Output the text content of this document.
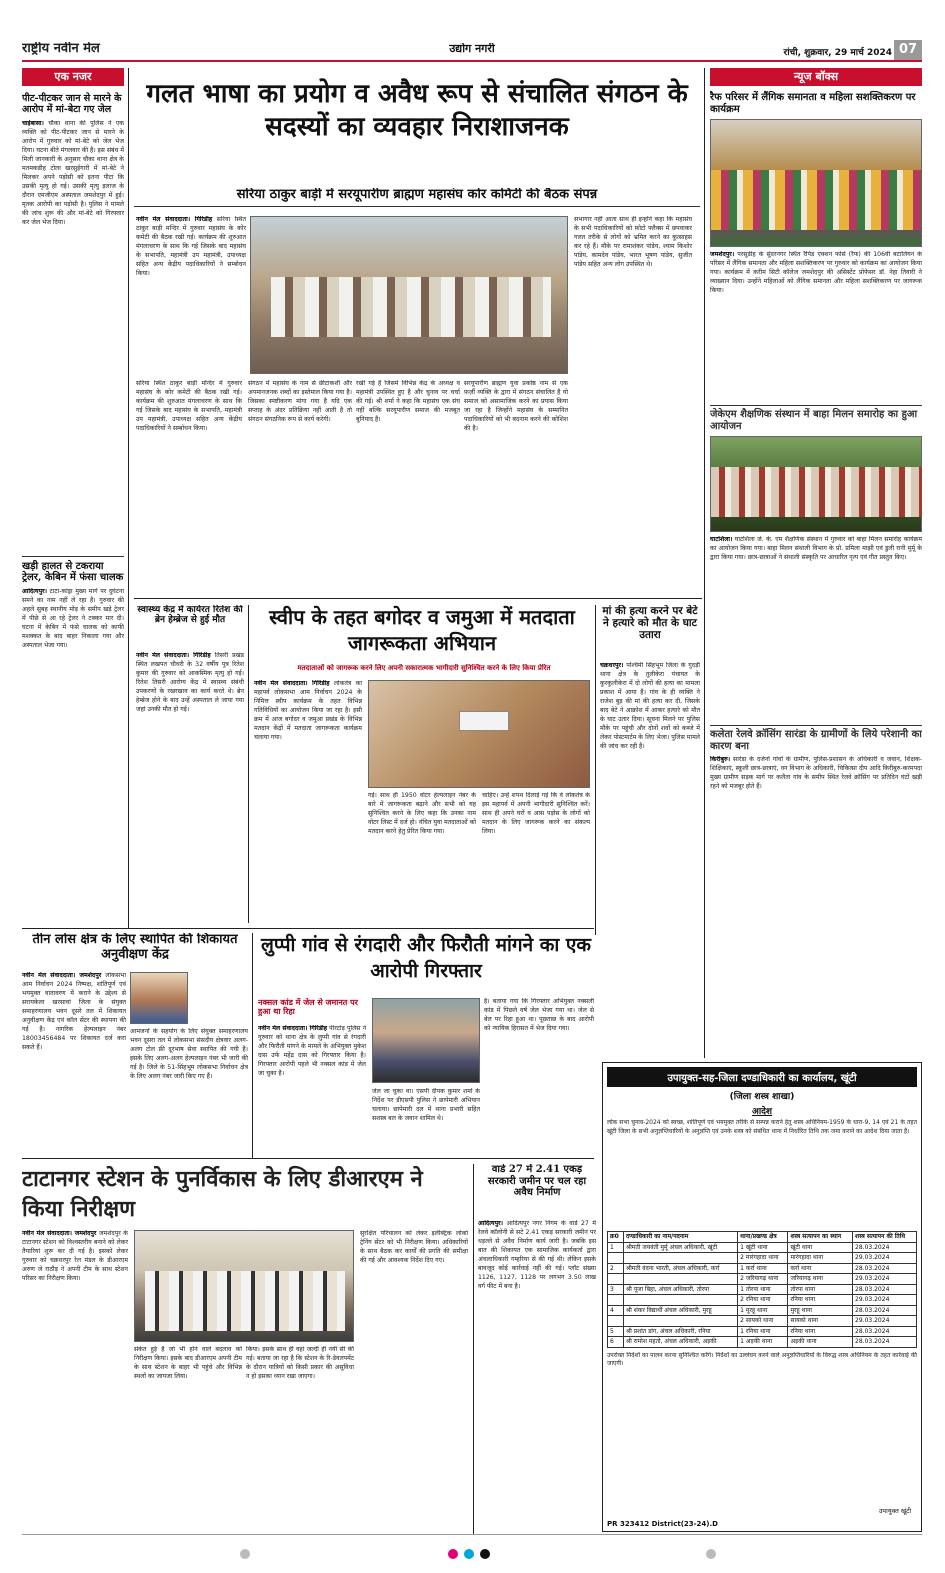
राष्ट्रीय नवीन मेल	उद्योग नगरी	रांची, शुक्रवार, 29 मार्च 2024 07
एक नजर
पीट-पीटकर जान से मारने के आरोप में मां-बेटा गए जेल
चाईबासा। चौका थाना की पुलिस ने एक व्यक्ति को पीट-पीटकर जान से मारने के आरोप में गुरुवार को मां-बेटे को जेल भेज दिया। घटना बीते मंगलवार की है। इस संबंध में मिली जानकारी के अनुसार चौका थाना क्षेत्र के मतमकडीह टोला खरसुईगारी में मां-बेटे ने मिलकर अपने पड़ोसी को इतना पीटा कि उसकी मृत्यु हो गई। उसकी मृत्यु इलाज के दौरान एमजीएम अस्पताल जमशेदपुर में हुई। मृतक आरोपी का पड़ोसी है। पुलिस ने मामले की जांच शुरू की और मां-बेटे को गिरफ्तार कर जेल भेज दिया।
खड़ी हालत से टकराया ट्रेलर, केबिन में फंसा चालक
आदित्यपुर। टाटा-कांड्रा मुख्य मार्ग पर दुर्घटना समने का नाम नहीं ले रहा है। गुरुवार की अहले सुबह स्थानीय मोड़ के समीप खड़े ट्रेलर में पीछे से आ रहे ट्रेलर ने टक्कर मार दी। घटना में केबिन में फंसे चालक को काफी मशक्कत के बाद बाहर निकाला गया और अस्पताल भेजा गया।
गलत भाषा का प्रयोग व अवैध रूप से संचालित संगठन के सदस्यों का व्यवहार निराशाजनक
सरिया ठाकुर बाड़ी में सरयूपारीण ब्राह्मण महासंघ कोर कमिटी की बैठक संपन्न
नवीन मेल संवाददाता। गिरिडीह सरिया स्थित ठाकुर बाड़ी मन्दिर में गुरुवार महासंघ के कोर कमेटी की बैठक रखी गई। कार्यक्रम की शुरुआत मंगलाचरण के साथ कि गई जिसके बाद महासंघ के सभापति, महामंत्री उप महामंत्री, उपाध्यक्ष सहित अन्य केंद्रीय पदाधिकारियों ने सम्बोधन किया।
सभागार नहीं आता साथ ही इन्होंने कहा कि महासंघ के सभी पदाधिकारियों को फ़ोटो फ्लैक्स में छपवाकर गलत तरीके से लोगों को भ्रमित करने का कुत्साहस कर रहे हैं। मौके पर रामाशंकर पांडेय, श्याम किशोर पांडेय, कामदेव पांडेय, भारत भूषण पांडेय, सुजीत पांडेय सहित अन्य लोग उपस्थित थे।
सरिया स्थित ठाकुर बाड़ी मन्दिर में गुरुवार महासंघ के कोर कमेटी की बैठक रखी गई। कार्यक्रम की शुरुआत मंगलाचरण के साथ कि गई जिसके बाद महासंघ के सभापति, महामंत्री उप महामंत्री, उपाध्यक्ष सहित अन्य केंद्रीय पदाधिकारियों ने सम्बोधन किया।
संगठन में महासंघ के नाम से छीटाकशी और अपमानजनक शब्दों का इस्तेमाल किया गया है। जिसका स्पष्टीकरण मांगा गया है यदि एक सप्ताह के अंदर प्रतिक्रिया नहीं आती है तो संगठन संगठनिक रूप से कार्य करेगी।
रखी गई है जिसमे विभिन्न केंद्र के अध्यक्ष व महामंत्री उपस्थित हुए है और चुनाव पर चर्चा की गई। श्री शर्मा ने कहा कि महासंघ एक संघ नहीं बल्कि सरयूपारीण समाज की मजबूत बुनियाद है।
सरयूपारीण ब्राह्मण युवा प्रकोष्ठ नाम से एक फ़र्ज़ी व्यक्ति के द्वारा में संगठन संचालित है यो समाज को असामाजिक करने का प्रयास किया जा रहा है जिन्होंने महासंघ के सम्मानित पदाधिकारियों को भी बदनाम करने की कोशिश की है।
स्वास्थ्य केंद्र में कार्यरत रितेश की ब्रेन हेम्ब्रेज से हुई मौत
नवीन मेल संवाददाता। गिरिडीह तिसरी प्रखंड स्थित लखपत चौधरी के 32 वर्षीय पुत्र रितेश कुमार की गुरुवार को आकस्मिक मृत्यु हो गई। रितेश तिसरी आरोग्य केंद्र में स्वास्थ्य संबंधी उपकरणों के रखरखाव का कार्य करते थे। ब्रेन हेम्ब्रेज होने के बाद उन्हें अस्पताल ले जाया गया जहां उनकी मौत हो गई।
स्वीप के तहत बगोदर व जमुआ में मतदाता जागरूकता अभियान
मतदाताओं को जागरूक करने लिए अपनी सकारात्मक भागीदारी सुनिश्चित करने के लिए किया प्रेरित
नवीन मेल संवाददाता। गिरिडीह लोकतंत्र का महापर्व लोकसभा आम निर्वाचन 2024 के निमित्त स्वीप कार्यक्रम के तहत विभिन्न गतिविधियों का आयोजन किया जा रहा है। इसी क्रम में आज बगोदर व जमुआ प्रखंड के विभिन्न मतदान केंद्रों में मतदाता जागरूकता कार्यक्रम चलाया गया।
गई। साथ ही 1950 वोटर हेल्पलाइन नंबर के बारे में जागरूकता बढ़ाने और सभी को यह सुनिश्चित करने के लिए कहा कि उनका नाम वोटर लिस्ट में दर्ज हो। वंचित युवा मतदाताओं को मतदान करने हेतु प्रेरित किया गया।
चाहिए। उन्हें शपथ दिलाई गई कि वे लोकतंत्र के इस महापर्व में अपनी भागीदारी सुनिश्चित करें। साथ ही अपने घरों व आस पड़ोस के लोगों को मतदान के लिए जागरूक करने का संकल्प लिया।
मां की हत्या करने पर बेटे ने हत्यारे को मौत के घाट उतारा
चक्रधरपुर। पश्चिमी सिंहभूम जिला के गुदड़ी थाना क्षेत्र के तुलीकेरा पंचायत के कुरकुलीकेरा में दो लोगों की हत्या का मामला प्रकाश में आया है। गांव के ही व्यक्ति ने राजेश बुड़ की मां की हत्या कर दी, जिसके बाद बेटे ने आक्रोश में आकर हत्यारे को मौत के घाट उतार दिया। सूचना मिलने पर पुलिस मौके पर पहुंची और दोनों शवों को कब्जे में लेकर पोस्टमार्टम के लिए भेजा। पुलिस मामले की जांच कर रही है।
तीन लोस क्षेत्र के लिए स्थापित की शिकायत अनुवीक्षण केंद्र
नवीन मेल संवाददाता। जमशेदपुर लोकसभा आम निर्वाचन 2024 निष्पक्ष, शांतिपूर्ण एवं भयमुक्त वातावरण में कराने के उद्देश्य से सरायकेला खरसावां जिला के संयुक्त समाहरणालय भवन दूसरे तल में शिकायत अनुवीक्षण केंद्र एवं कॉल सेंटर की स्थापना की गई है। नागरिक हेल्पलाइन नंबर 18003456484 पर शिकायत दर्ज करा सकते हैं।
आमजनों के सहयोग के लिए संयुक्त समाहरणालय भवन दूसरा तल में लोकसभा संसदीय क्षेत्रवार अलग-अलग टोल फ्री दूरभाष सेवा स्थापित की गयी है। इसके लिए अलग-अलग हेल्पलाइन नंबर भी जारी की गई है। जिले के 51-सिंहभूम लोकसभा निर्वाचन क्षेत्र के लिए अलग नंबर जारी किए गए हैं।
लुप्पी गांव से रंगदारी और फिरौती मांगने का एक आरोपी गिरफ्तार
नक्सल कांड में जेल से जमानत पर हुआ था रिहा
नवीन मेल संवाददाता। गिरिडीह पीरटांड़ पुलिस ने गुरुवार को थाना क्षेत्र के लुप्पी गांव से रंगदारी और फिरौती मांगने के मामले के अभियुक्त मुकेश दास उर्फ महेंद्र दास को गिरफ्तार किया है। गिरफ्तार आरोपी पहले भी नक्सल कांड में जेल जा चुका है।
जेल जा चुका था। एसपी दीपक कुमार शर्मा के निर्देश पर डीएसपी पुलिस ने छापेमारी अभियान चलाया। छापेमारी दल में थाना प्रभारी सहित सशस्त्र बल के जवान शामिल थे।
है। बताया गया कि गिरफ्तार अभियुक्त नक्सली कांड में पिछले वर्ष जेल भेजा गया था। जेल से बेल पर रिहा हुआ था। पूछताछ के बाद आरोपी को न्यायिक हिरासत में भेज दिया गया।
वार्ड 27 में 2.41 एकड़ सरकारी जमीन पर चल रहा अवैध निर्माण
आदित्यपुर। आदित्यपुर नगर निगम के वार्ड 27 में रेलवे कॉलोनी से सटे 2.41 एकड़ सरकारी जमीन पर धड़ल्ले से अवैध निर्माण कार्य जारी है। जबकि इस बात की शिकायत एक सामाजिक कार्यकर्ता द्वारा अंचलाधिकारी गम्हरिया से की गई थी। लेकिन इसके बावजूद कोई कार्रवाई नहीं की गई। प्लॉट संख्या 1126, 1127, 1128 पर लगभग 3.50 लाख वर्ग फीट में बना है।
टाटानगर स्टेशन के पुनर्विकास के लिए डीआरएम ने किया निरीक्षण
नवीन मेल संवाददाता। जमशेदपुर जमशेदपुर के टाटानगर स्टेशन को विश्वस्तरीय बनाने को लेकर तैयारियां शुरू कर दी गई है। इसको लेकर गुरुवार को चक्रधरपुर रेल मंडल के डीआरएम अरुण जे राठौड़ ने अपनी टीम के साथ स्टेशन परिसर का निरीक्षण किया।
संकेत हुई है जो भी होने वाले बदलाव को निरीक्षण किया। इसके बाद डीआरएम अपनी टीम के साथ स्टेशन के बाहर भी पहुंचे और विभिन्न स्थलों का जायजा लिया।
किया। इसके साथ ही वहां जल्दी ही नयी सी की गई। बताया जा रहा है कि स्टेशन के रि-डेवलपमेंट के दौरान यात्रियों को किसी प्रकार की असुविधा न हो इसका ध्यान रखा जाएगा।
सुरक्षित परिचालन को लेकर इलेक्ट्रिक लोको ट्रेनिंग सेंटर को भी निरीक्षण किया। अधिकारियों के साथ बैठक कर कार्यों की प्रगति की समीक्षा की गई और आवश्यक निर्देश दिए गए।
न्यूज बॉक्स
रैफ परिसर में लैंगिक समानता व महिला सशक्तिकरण पर कार्यक्रम
जमशेदपुर। परसुडीह के सुंदरनगर स्थित रैपिड एक्शन फोर्स (रैफ) की 106वीं बटालियन के परिसर में लैंगिक समानता और महिला सशक्तिकरण पर गुरुवार को कार्यक्रम का आयोजन किया गया। कार्यक्रम में करीम सिटी कॉलेज जमशेदपुर की असिस्टेंट प्रोफेसर डॉ. नेहा तिवारी ने व्याख्यान दिया। उन्होंने महिलाओं को लैंगिक समानता और महिला सशक्तिकरण पर जागरूक किया।
जेकेएम शैक्षणिक संस्थान में बाहा मिलन समारोह का हुआ आयोजन
घाटशिला। घाटशिला जे. के. एम शैक्षणिक संस्थान में गुरुवार को बाहा मिलन समारोह कार्यक्रम का आयोजन किया गया। बाहा मिलन संथाली विभाग के प्रो. प्रमिला माझी एवं डुली रानी मुर्मू के द्वारा किया गया। छात्र-छात्राओं ने संथाली संस्कृति पर आधारित नृत्य एवं गीत प्रस्तुत किए।
कलेता रेलवे क्रॉसिंग सारंडा के ग्रामीणों के लिये परेशानी का कारण बना
किरीबुरु। सारंडा के दर्जनों गांवों के ग्रामीण, पुलिस-प्रशासन के अधिकारी व जवान, शिक्षक-शिक्षिकाएं, स्कूली छात्र-छात्राएं, वन विभाग के अधिकारी, चिकित्सा दीप आदि किरीबुरु-करमपदा मुख्य ग्रामीण सड़क मार्ग पर कलैता गांव के समीप स्थित रेलवे क्रॉसिंग पर प्रतिदिन घंटों खड़ी रहने को मजबूर होते हैं।
उपायुक्त-सह-जिला दण्डाधिकारी का कार्यालय, खूंटी
(जिला शस्त्र शाखा)
आदेश
लोक सभा चुनाव-2024 को स्वच्छ, शांतिपूर्ण एवं भयमुक्त तरीके से सम्पन्न कराने हेतु शस्त्र अधिनियम-1959 के धारा-9, 14 एवं 21 के तहत खूंटी जिला के सभी अनुज्ञप्तिधारियों के अनुज्ञप्ति एवं उनके शस्त्र को संबंधित थाना में निर्धारित तिथि तक जमा कराने का आदेश दिया जाता है।
क्र0	दण्डाधिकारी का नाम/पदनाम	थाना/प्रखण्ड क्षेत्र	शस्त्र सत्यापन का स्थान	शस्त्र सत्यापन की तिथि
1	श्रीमती जयवंती मुर्मू अंचल अधिकारी, खूंटी	1 खूंटी थाना	खूंटी थाना	28.03.2024
		2 मारंगहादा थाना	मारंगहादा थाना	29.03.2024
2	श्रीमती वंदना भारती, अंचल अधिकारी, कर्रा	1 कर्रा थाना	कर्रा थाना	28.03.2024
		2 जरियागढ़ थाना	जरियागढ़ थाना	29.03.2024
3	श्री पूजा बिहा, अंचल अधिकारी, तोरपा	1 तोरपा थाना	तोरपा थाना	28.03.2024
		2 रनिया थाना	रनिया थाना	29.03.2024
4	श्री शंकर विद्यार्थी अंचल अधिकारी, मुरहू	1 मुरहू थाना	मुरहू थाना	28.03.2024
		2 सायको थाना	सायको थाना	29.03.2024
5	श्री प्रशांत डांग, अंचल अधिकारी, रनिया	1 रनिया थाना	रनिया थाना	28.03.2024
6	श्री रामोश महतो, अंचल अधिकारी, अड़की	1 अड़की थाना	अड़की थाना	28.03.2024
उपरोक्त निर्देशों का पालन करना सुनिश्चित करेंगे। निर्देशों का उल्लंघन करने वाले अनुज्ञप्तिधारियों के विरुद्ध शस्त्र अधिनियम के तहत कार्रवाई की जाएगी।
उपायुक्त खूंटी
PR 323412 District(23-24).D
